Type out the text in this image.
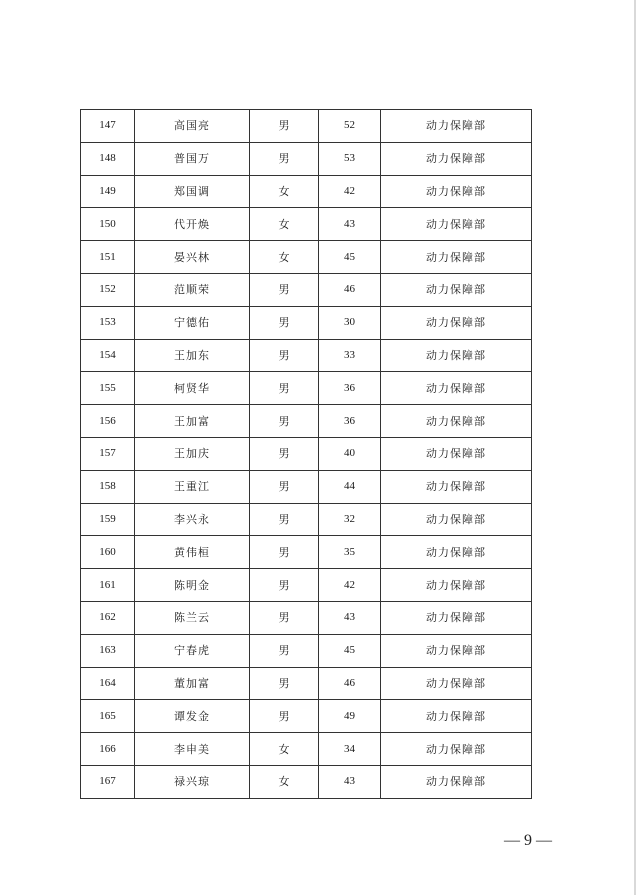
147	高国亮	男	52	动力保障部
148	普国万	男	53	动力保障部
149	郑国调	女	42	动力保障部
150	代开焕	女	43	动力保障部
151	晏兴林	女	45	动力保障部
152	范顺荣	男	46	动力保障部
153	宁德佑	男	30	动力保障部
154	王加东	男	33	动力保障部
155	柯贤华	男	36	动力保障部
156	王加富	男	36	动力保障部
157	王加庆	男	40	动力保障部
158	王重江	男	44	动力保障部
159	李兴永	男	32	动力保障部
160	黄伟桓	男	35	动力保障部
161	陈明金	男	42	动力保障部
162	陈兰云	男	43	动力保障部
163	宁春虎	男	45	动力保障部
164	董加富	男	46	动力保障部
165	谭发金	男	49	动力保障部
166	李申美	女	34	动力保障部
167	禄兴琼	女	43	动力保障部
— 9 —
